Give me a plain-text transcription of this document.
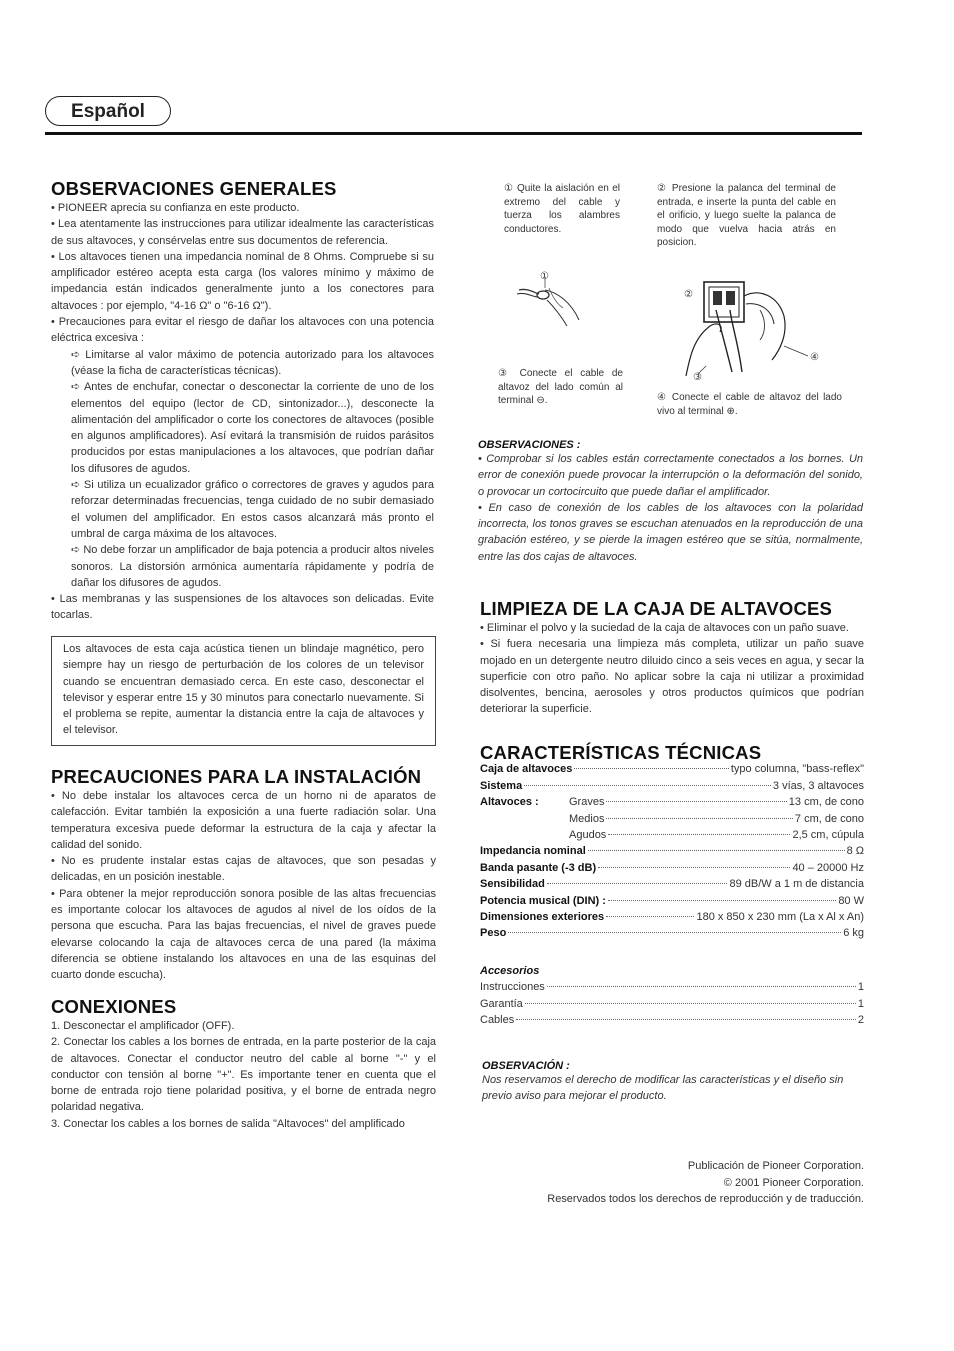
Español
OBSERVACIONES GENERALES
• PIONEER aprecia su confianza en este producto.
• Lea atentamente las instrucciones para utilizar idealmente las características de sus altavoces, y consérvelas entre sus documentos de referencia.
• Los altavoces tienen una impedancia nominal de 8 Ohms. Compruebe si su amplificador estéreo acepta esta carga (los valores mínimo y máximo de impedancia están indicados generalmente junto a los conectores para altavoces : por ejemplo, "4-16 Ω" o "6-16 Ω").
• Precauciones para evitar el riesgo de dañar los altavoces con una potencia eléctrica excesiva :
➪ Limitarse al valor máximo de potencia autorizado para los altavoces (véase la ficha de características técnicas).
➪ Antes de enchufar, conectar o desconectar la corriente de uno de los elementos del equipo (lector de CD, sintonizador...), desconecte la alimentación del amplificador o corte los conectores de altavoces (posible en algunos amplificadores). Así evitará la transmisión de ruidos parásitos producidos por estas manipulaciones a los altavoces, que podrían dañar los difusores de agudos.
➪ Si utiliza un ecualizador gráfico o correctores de graves y agudos para reforzar determinadas frecuencias, tenga cuidado de no subir demasiado el volumen del amplificador. En estos casos alcanzará más pronto el umbral de carga máxima de los altavoces.
➪ No debe forzar un amplificador de baja potencia a producir altos niveles sonoros. La distorsión armónica aumentaría rápidamente y podría de dañar los difusores de agudos.
• Las membranas y las suspensiones de los altavoces son delicadas. Evite tocarlas.
Los altavoces de esta caja acústica tienen un blindaje magnético, pero siempre hay un riesgo de perturbación de los colores de un televisor cuando se encuentran demasiado cerca. En este caso, desconectar el televisor y esperar entre 15 y 30 minutos para conectarlo nuevamente. Si el problema se repite, aumentar la distancia entre la caja de altavoces y el televisor.
PRECAUCIONES PARA LA INSTALACIÓN
• No debe instalar los altavoces cerca de un horno ni de aparatos de calefacción. Evitar también la exposición a una fuerte radiación solar. Una temperatura excesiva puede deformar la estructura de la caja y afectar la calidad del sonido.
• No es prudente instalar estas cajas de altavoces, que son pesadas y delicadas, en un posición inestable.
• Para obtener la mejor reproducción sonora posible de las altas frecuencias es importante colocar los altavoces de agudos al nivel de los oídos de la persona que escucha. Para las bajas frecuencias, el nivel de graves puede elevarse colocando la caja de altavoces cerca de una pared (la máxima diferencia se obtiene instalando los altavoces en una de las esquinas del cuarto donde escucha).
CONEXIONES
1. Desconectar el amplificador (OFF).
2. Conectar los cables a los bornes de entrada, en la parte posterior de la caja de altavoces. Conectar el conductor neutro del cable al borne "-" y el conductor con tensión al borne "+". Es importante tener en cuenta que el borne de entrada rojo tiene polaridad positiva, y el borne de entrada negro polaridad negativa.
3. Conectar los cables a los bornes de salida "Altavoces" del amplificado
① Quite la aislación en el extremo del cable y tuerza los alambres conductores.
② Presione la palanca del terminal de entrada, e inserte la punta del cable en el orificio, y luego suelte la palanca de modo que vuelva hacia atrás en posicion.
①
②
④
③
③ Conecte el cable de altavoz del lado común al terminal ⊖.	④ Conecte el cable de altavoz del lado vivo al terminal ⊕.
OBSERVACIONES :
• Comprobar si los cables están correctamente conectados a los bornes. Un error de conexión puede provocar la interrupción o la deformación del sonido, o provocar un cortocircuito que puede dañar el amplificador.
• En caso de conexión de los cables de los altavoces con la polaridad incorrecta, los tonos graves se escuchan atenuados en la reproducción de una grabación estéreo, y se pierde la imagen estéreo que se sitúa, normalmente, entre las dos cajas de altavoces.
LIMPIEZA DE LA CAJA DE ALTAVOCES
• Eliminar el polvo y la suciedad de la caja de altavoces con un paño suave.
• Si fuera necesaria una limpieza más completa, utilizar un paño suave mojado en un detergente neutro diluido cinco a seis veces en agua, y secar la superficie con otro paño. No aplicar sobre la caja ni utilizar a proximidad disolventes, bencina, aerosoles y otros productos químicos que podrían deteriorar la superficie.
CARACTERÍSTICAS TÉCNICAS
Caja de altavoces	typo columna, "bass-reflex"
Sistema	3 vías, 3 altavoces
Altavoces :	Graves	13 cm, de cono
Medios	7 cm, de cono
Agudos	2,5 cm, cúpula
Impedancia nominal	8 Ω
Banda pasante (-3 dB)	40 – 20000 Hz
Sensibilidad	89 dB/W a 1 m de distancia
Potencia musical (DIN) :	80 W
Dimensiones exteriores	180 x 850 x 230 mm (La x Al x An)
Peso	6 kg
Accesorios
Instrucciones	1
Garantía	1
Cables	2
OBSERVACIÓN :
Nos reservamos el derecho de modificar las características y el diseño sin previo aviso para mejorar el producto.
Publicación de Pioneer Corporation.
© 2001 Pioneer Corporation.
Reservados todos los derechos de reproducción y de traducción.
